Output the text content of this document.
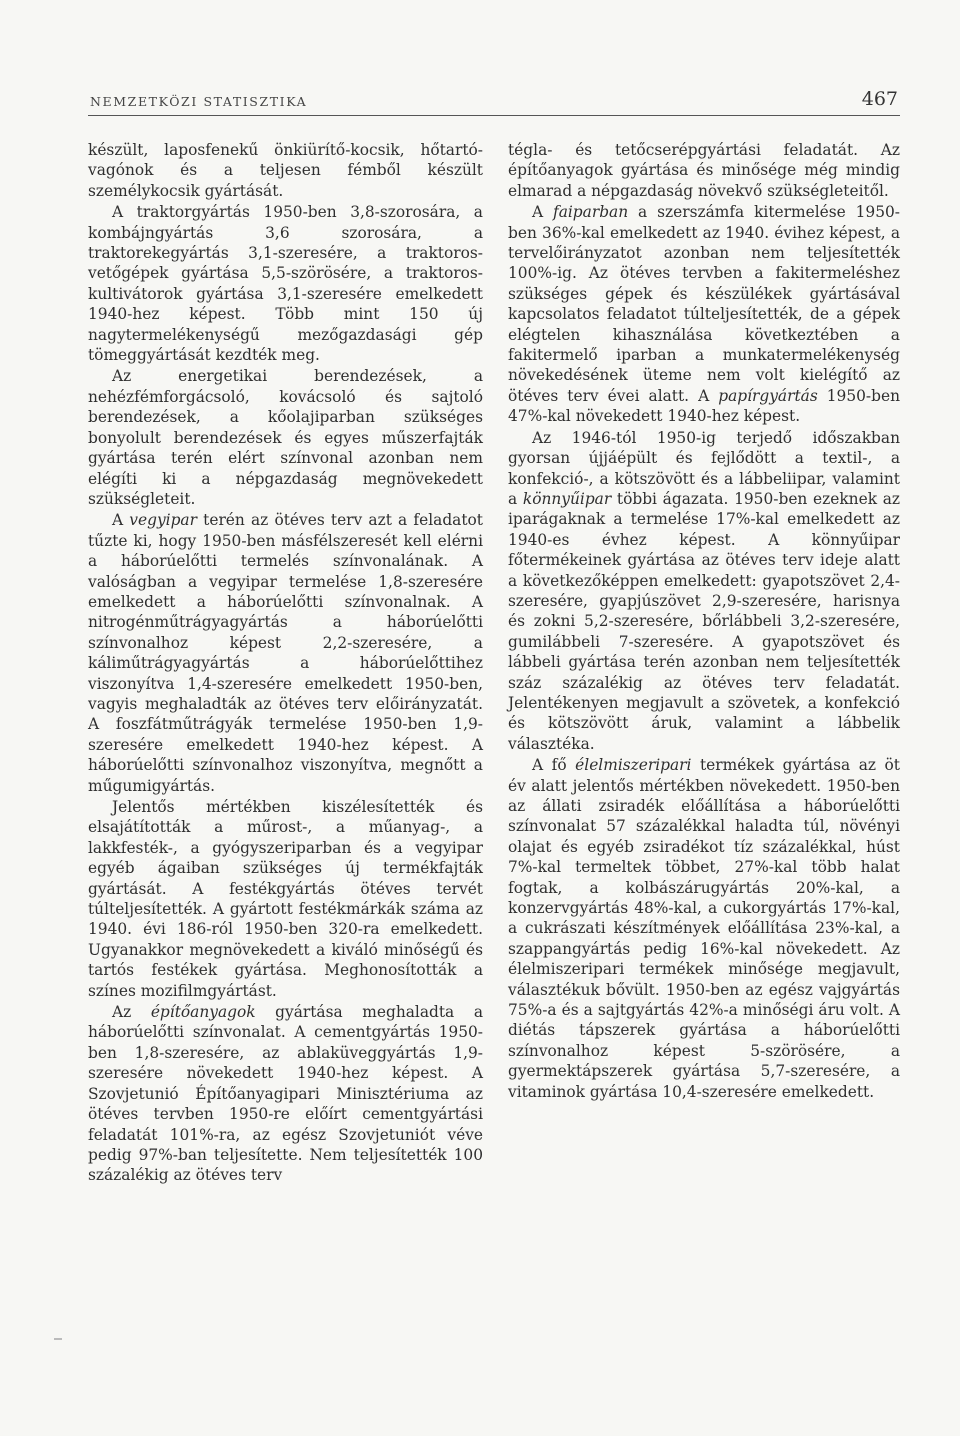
NEMZETKÖZI STATISZTIKA	467

készült, laposfenekű önkiürítő-kocsik, hőtartó-vagónok és a teljesen fémből készült személykocsik gyártását.

A traktorgyártás 1950-ben 3,8-szorosára, a kombájngyártás 3,6 szorosára, a traktorekegyártás 3,1-szeresére, a traktoros-vetőgépek gyártása 5,5-szörösére, a traktoros-kultivátorok gyártása 3,1-szeresére emelkedett 1940-hez képest. Több mint 150 új nagytermelékenységű mezőgazdasági gép tömeggyártását kezdték meg.

Az energetikai berendezések, a nehézfémforgácsoló, kovácsoló és sajtoló berendezések, a kőolajiparban szükséges bonyolult berendezések és egyes műszerfajták gyártása terén elért színvonal azonban nem elégíti ki a népgazdaság megnövekedett szükségleteit.

A vegyipar terén az ötéves terv azt a feladatot tűzte ki, hogy 1950-ben másfélszeresét kell elérni a háborúelőtti termelés színvonalának. A valóságban a vegyipar termelése 1,8-szeresére emelkedett a háborúelőtti színvonalnak. A nitrogénműtrágyagyártás a háborúelőtti színvonalhoz képest 2,2-szeresére, a káliműtrágyagyártás a háborúelőttihez viszonyítva 1,4-szeresére emelkedett 1950-ben, vagyis meghaladták az ötéves terv előirányzatát. A foszfátműtrágyák termelése 1950-ben 1,9-szeresére emelkedett 1940-hez képest. A háborúelőtti színvonalhoz viszonyítva, megnőtt a műgumigyártás.

Jelentős mértékben kiszélesítették és elsajátították a műrost-, a műanyag-, a lakkfesték-, a gyógyszeriparban és a vegyipar egyéb ágaiban szükséges új termékfajták gyártását. A festékgyártás ötéves tervét túlteljesítették. A gyártott festékmárkák száma az 1940. évi 186-ról 1950-ben 320-ra emelkedett. Ugyanakkor megnövekedett a kiváló minőségű és tartós festékek gyártása. Meghonosították a színes mozifilmgyártást.

Az építőanyagok gyártása meghaladta a háborúelőtti színvonalat. A cementgyártás 1950-ben 1,8-szeresére, az ablaküveggyártás 1,9-szeresére növekedett 1940-hez képest. A Szovjetunió Építőanyagipari Minisztériuma az ötéves tervben 1950-re előírt cementgyártási feladatát 101%-ra, az egész Szovjetuniót véve pedig 97%-ban teljesítette. Nem teljesítették 100 százalékig az ötéves terv

tégla- és tetőcserépgyártási feladatát. Az építőanyagok gyártása és minősége még mindig elmarad a népgazdaság növekvő szükségleteitől.

A faiparban a szerszámfa kitermelése 1950-ben 36%-kal emelkedett az 1940. évihez képest, a tervelőirányzatot azonban nem teljesítették 100%-ig. Az ötéves tervben a fakitermeléshez szükséges gépek és készülékek gyártásával kapcsolatos feladatot túlteljesítették, de a gépek elégtelen kihasználása következtében a fakitermelő iparban a munkatermelékenység növekedésének üteme nem volt kielégítő az ötéves terv évei alatt. A papírgyártás 1950-ben 47%-kal növekedett 1940-hez képest.

Az 1946-tól 1950-ig terjedő időszakban gyorsan újjáépült és fejlődött a textil-, a konfekció-, a kötszövött és a lábbeliipar, valamint a könnyűipar többi ágazata. 1950-ben ezeknek az iparágaknak a termelése 17%-kal emelkedett az 1940-es évhez képest. A könnyűipar főtermékeinek gyártása az ötéves terv ideje alatt a következőképpen emelkedett: gyapotszövet 2,4-szeresére, gyapjúszövet 2,9-szeresére, harisnya és zokni 5,2-szeresére, bőrlábbeli 3,2-szeresére, gumilábbeli 7-szeresére. A gyapotszövet és lábbeli gyártása terén azonban nem teljesítették száz százalékig az ötéves terv feladatát. Jelentékenyen megjavult a szövetek, a konfekció és kötszövött áruk, valamint a lábbelik választéka.

A fő élelmiszeripari termékek gyártása az öt év alatt jelentős mértékben növekedett. 1950-ben az állati zsiradék előállítása a háborúelőtti színvonalat 57 százalékkal haladta túl, növényi olajat és egyéb zsiradékot tíz százalékkal, húst 7%-kal termeltek többet, 27%-kal több halat fogtak, a kolbászárugyártás 20%-kal, a konzervgyártás 48%-kal, a cukorgyártás 17%-kal, a cukrászati készítmények előállítása 23%-kal, a szappangyártás pedig 16%-kal növekedett. Az élelmiszeripari termékek minősége megjavult, választékuk bővült. 1950-ben az egész vajgyártás 75%-a és a sajtgyártás 42%-a minőségi áru volt. A diétás tápszerek gyártása a háborúelőtti színvonalhoz képest 5-szörösére, a gyermektápszerek gyártása 5,7-szeresére, a vitaminok gyártása 10,4-szeresére emelkedett.
